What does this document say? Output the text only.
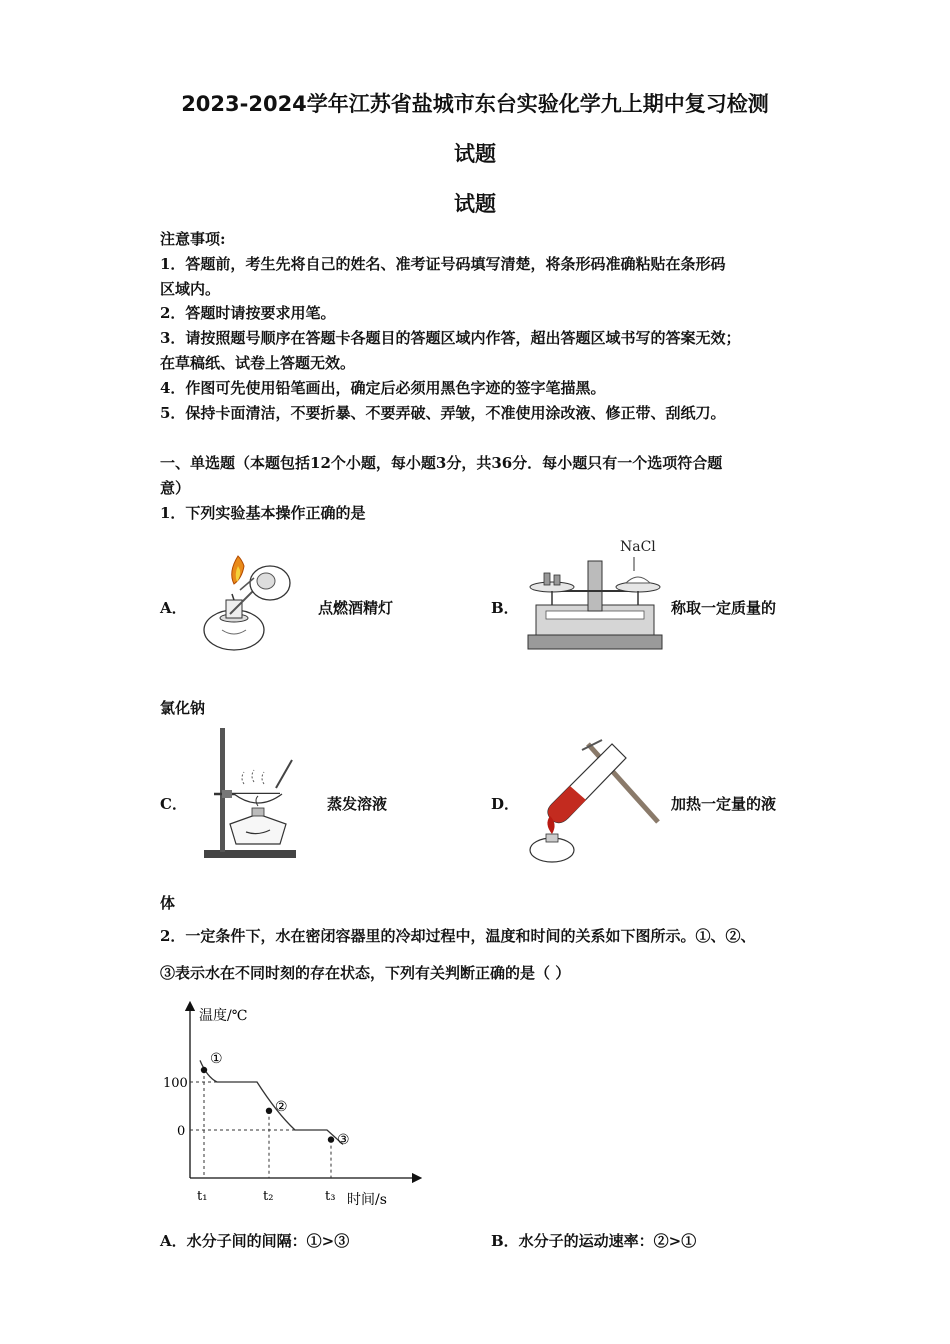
2023-2024学年江苏省盐城市东台实验化学九上期中复习检测
试题
试题
注意事项:
1．答题前，考生先将自己的姓名、准考证号码填写清楚，将条形码准确粘贴在条形码
区域内。
2．答题时请按要求用笔。
3．请按照题号顺序在答题卡各题目的答题区域内作答，超出答题区域书写的答案无效；
在草稿纸、试卷上答题无效。
4．作图可先使用铅笔画出，确定后必须用黑色字迹的签字笔描黑。
5．保持卡面清洁，不要折暴、不要弄破、弄皱，不准使用涂改液、修正带、刮纸刀。
一、单选题（本题包括12个小题，每小题3分，共36分．每小题只有一个选项符合题
意）
1．下列实验基本操作正确的是
A．	点燃酒精灯	B．
NaCl
称取一定质量的
氯化钠
C．	蒸发溶液	D．	加热一定量的液
体
2．一定条件下，水在密闭容器里的冷却过程中，温度和时间的关系如下图所示。①、②、
③表示水在不同时刻的存在状态，下列有关判断正确的是（ ）
温度/℃
时间/s
100
0
t₁	t₂	t₃
①
②
③
A．水分子间的间隔：①>③	B．水分子的运动速率：②>①
